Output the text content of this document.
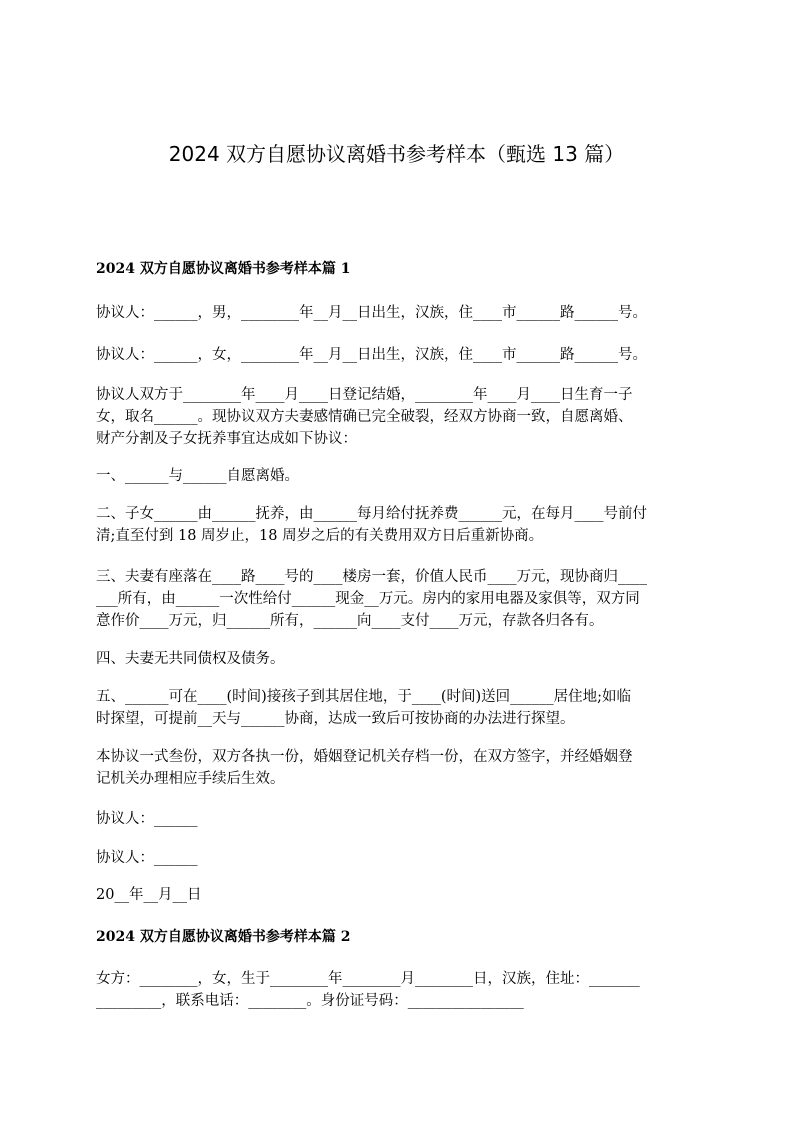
2024 双方自愿协议离婚书参考样本（甄选 13 篇）
2024 双方自愿协议离婚书参考样本篇 1
协议人：______，男，________年__月__日出生，汉族，住____市______路______号。
协议人：______，女，________年__月__日出生，汉族，住____市______路______号。
协议人双方于________年____月____日登记结婚，________年____月____日生育一子
女，取名______。现协议双方夫妻感情确已完全破裂，经双方协商一致，自愿离婚、
财产分割及子女抚养事宜达成如下协议：
一、______与______自愿离婚。
二、子女______由______抚养，由______每月给付抚养费______元，在每月____号前付
清;直至付到 18 周岁止，18 周岁之后的有关费用双方日后重新协商。
三、夫妻有座落在____路____号的____楼房一套，价值人民币____万元，现协商归____
___所有，由______一次性给付______现金__万元。房内的家用电器及家俱等，双方同
意作价____万元，归______所有，______向____支付____万元，存款各归各有。
四、夫妻无共同债权及债务。
五、______可在____(时间)接孩子到其居住地，于____(时间)送回______居住地;如临
时探望，可提前__天与______协商，达成一致后可按协商的办法进行探望。
本协议一式叁份，双方各执一份，婚姻登记机关存档一份，在双方签字，并经婚姻登
记机关办理相应手续后生效。
协议人：______
协议人：______
20__年__月__日
2024 双方自愿协议离婚书参考样本篇 2
女方：________，女，生于________年________月________日，汉族，住址：_______
_________，联系电话：________。身份证号码：________________
